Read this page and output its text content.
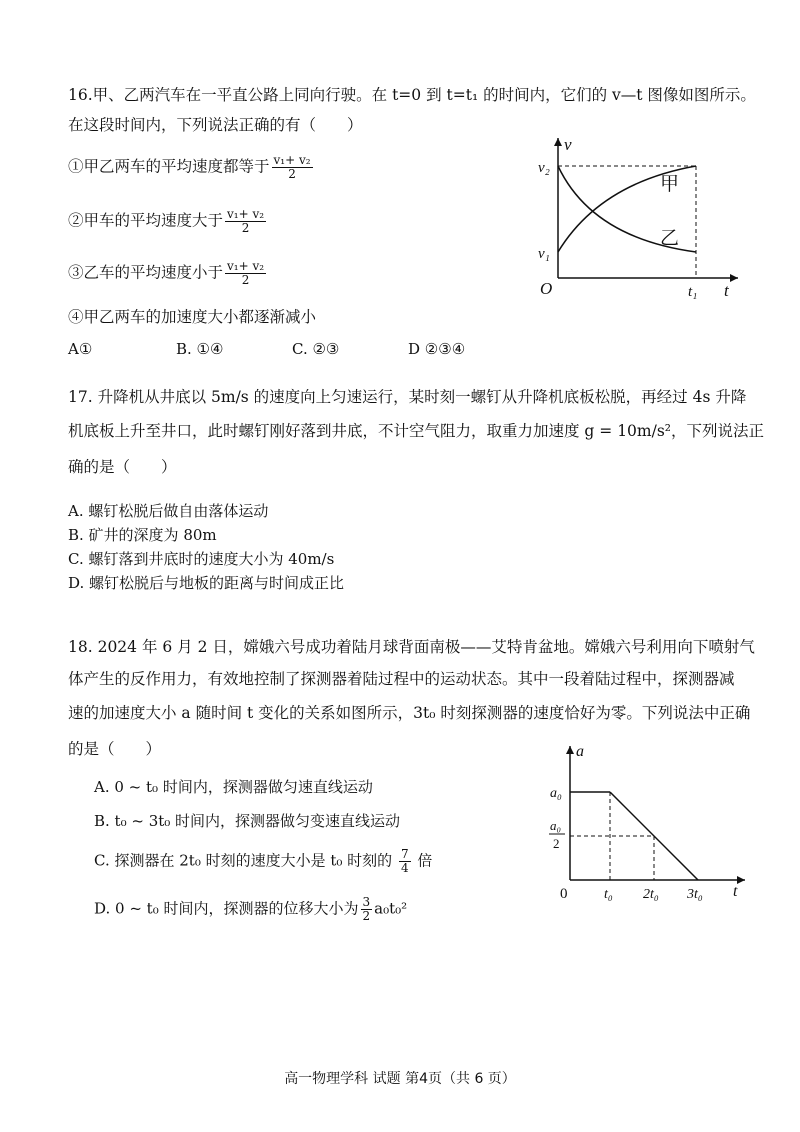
16.甲、乙两汽车在一平直公路上同向行驶。在 t=0 到 t=t₁ 的时间内，它们的 v—t 图像如图所示。
在这段时间内，下列说法正确的有（　　）
①甲乙两车的平均速度都等于 $\frac{\text{v₁+ v₂}}{2}$
②甲车的平均速度大于 $\frac{\text{v₁+ v₂}}{2}$
③乙车的平均速度小于 $\frac{\text{v₁+ v₂}}{2}$
④甲乙两车的加速度大小都逐渐减小
A①	B. ①④	C. ②③	D ②③④
v
v₂
v₁
O	t₁ t
甲
乙
17. 升降机从井底以 5m/s 的速度向上匀速运行，某时刻一螺钉从升降机底板松脱，再经过 4s 升降
机底板上升至井口，此时螺钉刚好落到井底，不计空气阻力，取重力加速度 g = 10m/s²，下列说法正
确的是（　　）
A. 螺钉松脱后做自由落体运动
B. 矿井的深度为 80m
C. 螺钉落到井底时的速度大小为 40m/s
D. 螺钉松脱后与地板的距离与时间成正比
18. 2024 年 6 月 2 日，嫦娥六号成功着陆月球背面南极——艾特肯盆地。嫦娥六号利用向下喷射气
体产生的反作用力，有效地控制了探测器着陆过程中的运动状态。其中一段着陆过程中，探测器减
速的加速度大小 a 随时间 t 变化的关系如图所示，3t₀ 时刻探测器的速度恰好为零。下列说法中正确
的是（　　）
A. 0 ~ t₀ 时间内，探测器做匀速直线运动
B. t₀ ~ 3t₀ 时间内，探测器做匀变速直线运动
C. 探测器在 2t₀ 时刻的速度大小是 t₀ 时刻的 $\frac{7}{4}$ 倍
D. 0 ~ t₀ 时间内，探测器的位移大小为 $\frac{3}{2} a_0t_0^2$
a
a₀
a₀
2
0	t₀ 2t₀ 3t₀ t
高一物理学科 试题 第4页（共 6 页）
